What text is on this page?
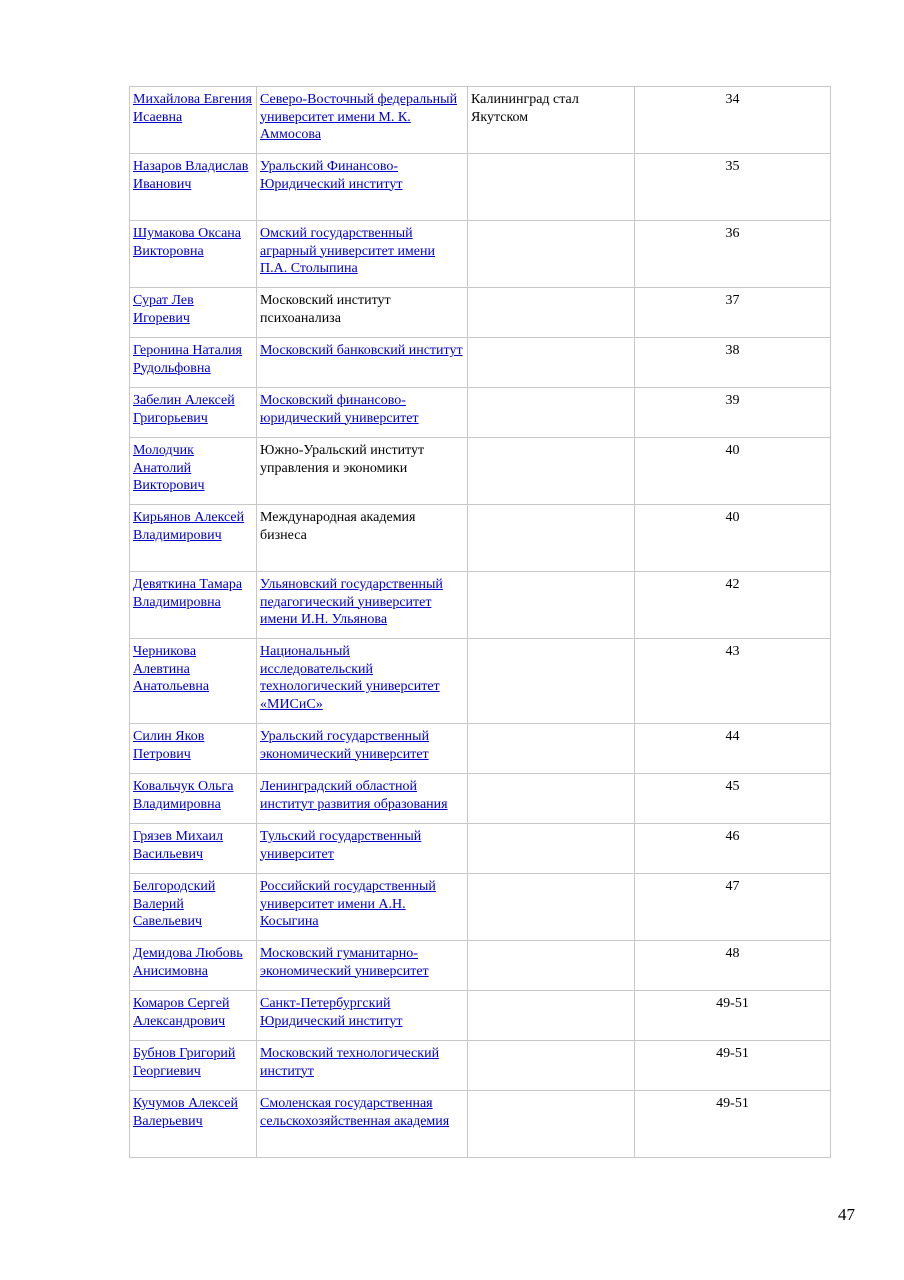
Михайлова Евгения Исаевна	Северо-Восточный федеральный университет имени М. К. Аммосова	Калининград стал Якутском	34
Назаров Владислав Иванович	Уральский Финансово-Юридический институт		35
Шумакова Оксана Викторовна	Омский государственный аграрный университет имени П.А. Столыпина		36
Сурат Лев Игоревич	Московский институт психоанализа		37
Геронина Наталия Рудольфовна	Московский банковский институт		38
Забелин Алексей Григорьевич	Московский финансово-юридический университет		39
Молодчик Анатолий Викторович	Южно-Уральский институт управления и экономики		40
Кирьянов Алексей Владимирович	Международная академия бизнеса		40
Девяткина Тамара Владимировна	Ульяновский государственный педагогический университет имени И.Н. Ульянова		42
Черникова Алевтина Анатольевна	Национальный исследовательский технологический университет «МИСиС»		43
Силин Яков Петрович	Уральский государственный экономический университет		44
Ковальчук Ольга Владимировна	Ленинградский областной институт развития образования		45
Грязев Михаил Васильевич	Тульский государственный университет		46
Белгородский Валерий Савельевич	Российский государственный университет имени А.Н. Косыгина		47
Демидова Любовь Анисимовна	Московский гуманитарно-экономический университет		48
Комаров Сергей Александрович	Санкт-Петербургский Юридический институт		49-51
Бубнов Григорий Георгиевич	Московский технологический институт		49-51
Кучумов Алексей Валерьевич	Смоленская государственная сельскохозяйственная академия		49-51
47
